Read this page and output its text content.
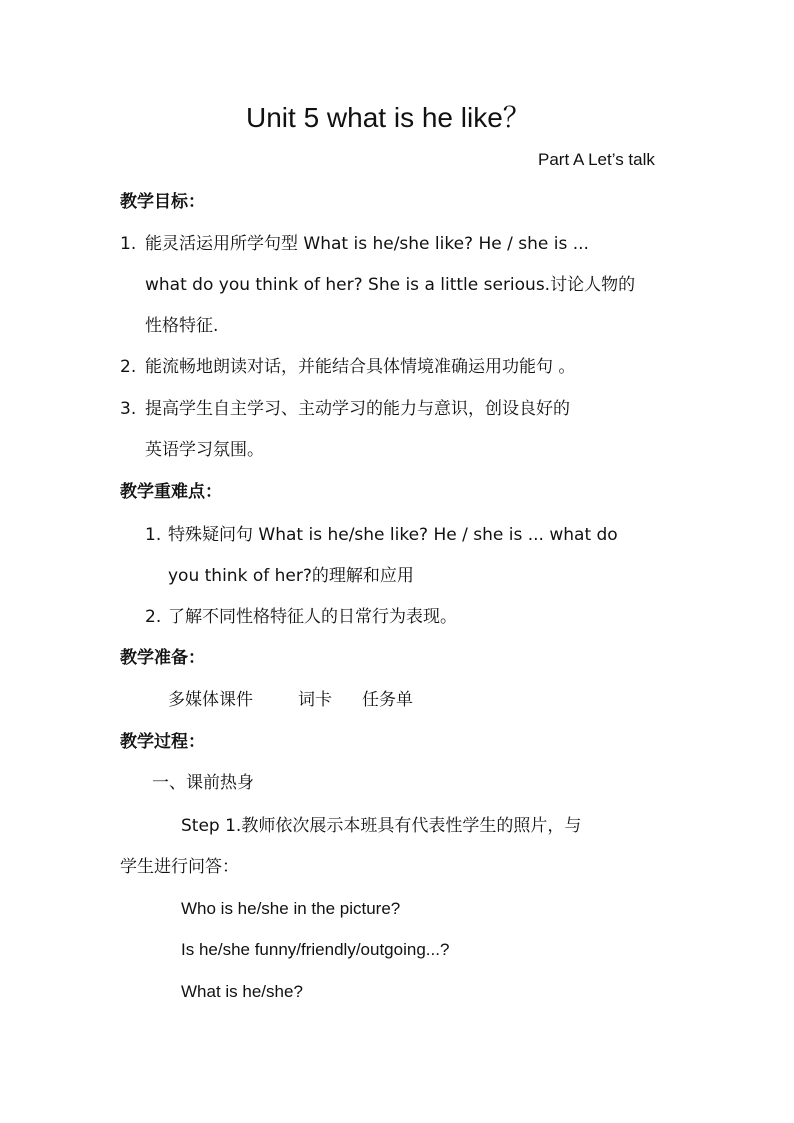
Unit 5 what is he like？
Part A Let’s talk
教学目标：
1. 能灵活运用所学句型 What is he/she like? He / she is ...
what do you think of her? She is a little serious.讨论人物的
性格特征.
2. 能流畅地朗读对话，并能结合具体情境准确运用功能句 。
3. 提高学生自主学习、主动学习的能力与意识，创设良好的
英语学习氛围。
教学重难点：
1. 特殊疑问句 What is he/she like? He / she is ... what do
you think of her?的理解和应用
2. 了解不同性格特征人的日常行为表现。
教学准备：
多媒体课件	词卡 任务单
教学过程：
一、课前热身
Step 1.教师依次展示本班具有代表性学生的照片，与
学生进行问答：
Who is he/she in the picture?
Is he/she funny/friendly/outgoing...?
What is he/she?
